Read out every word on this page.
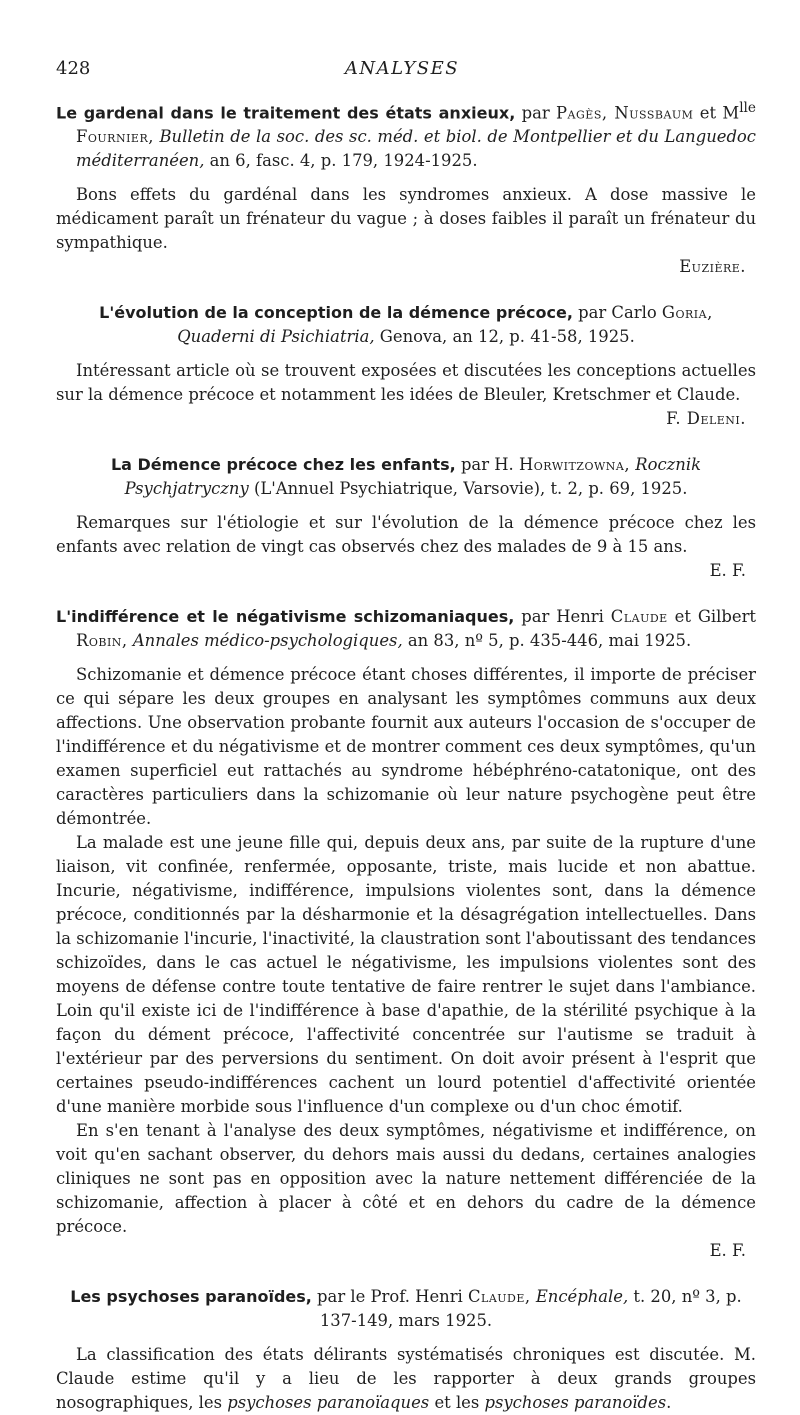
428	ANALYSES

Le gardenal dans le traitement des états anxieux, par Pagès, Nussbaum et $M^{lle}$ Fournier, Bulletin de la soc. des sc. méd. et biol. de Montpellier et du Languedoc méditerranéen, an 6, fasc. 4, p. 179, 1924-1925.

Bons effets du gardénal dans les syndromes anxieux. A dose massive le médicament paraît un frénateur du vague ; à doses faibles il paraît un frénateur du sympathique.

Euzière.

L'évolution de la conception de la démence précoce, par Carlo Goria, Quaderni di Psichiatria, Genova, an 12, p. 41-58, 1925.

Intéressant article où se trouvent exposées et discutées les conceptions actuelles sur la démence précoce et notamment les idées de Bleuler, Kretschmer et Claude.

F. Deleni.

La Démence précoce chez les enfants, par H. Horwitzowna, Rocznik Psychjatryczny (L'Annuel Psychiatrique, Varsovie), t. 2, p. 69, 1925.

Remarques sur l'étiologie et sur l'évolution de la démence précoce chez les enfants avec relation de vingt cas observés chez des malades de 9 à 15 ans.

E. F.

L'indifférence et le négativisme schizomaniaques, par Henri Claude et Gilbert Robin, Annales médico-psychologiques, an 83, nº 5, p. 435-446, mai 1925.

Schizomanie et démence précoce étant choses différentes, il importe de préciser ce qui sépare les deux groupes en analysant les symptômes communs aux deux affections. Une observation probante fournit aux auteurs l'occasion de s'occuper de l'indifférence et du négativisme et de montrer comment ces deux symptômes, qu'un examen superficiel eut rattachés au syndrome hébéphréno-catatonique, ont des caractères particuliers dans la schizomanie où leur nature psychogène peut être démontrée.

La malade est une jeune fille qui, depuis deux ans, par suite de la rupture d'une liaison, vit confinée, renfermée, opposante, triste, mais lucide et non abattue. Incurie, négativisme, indifférence, impulsions violentes sont, dans la démence précoce, conditionnés par la désharmonie et la désagrégation intellectuelles. Dans la schizomanie l'incurie, l'inactivité, la claustration sont l'aboutissant des tendances schizoïdes, dans le cas actuel le négativisme, les impulsions violentes sont des moyens de défense contre toute tentative de faire rentrer le sujet dans l'ambiance. Loin qu'il existe ici de l'indifférence à base d'apathie, de la stérilité psychique à la façon du dément précoce, l'affectivité concentrée sur l'autisme se traduit à l'extérieur par des perversions du sentiment. On doit avoir présent à l'esprit que certaines pseudo-indifférences cachent un lourd potentiel d'affectivité orientée d'une manière morbide sous l'influence d'un complexe ou d'un choc émotif.

En s'en tenant à l'analyse des deux symptômes, négativisme et indifférence, on voit qu'en sachant observer, du dehors mais aussi du dedans, certaines analogies cliniques ne sont pas en opposition avec la nature nettement différenciée de la schizomanie, affection à placer à côté et en dehors du cadre de la démence précoce.

E. F.

Les psychoses paranoïdes, par le Prof. Henri Claude, Encéphale, t. 20, nº 3, p. 137-149, mars 1925.

La classification des états délirants systématisés chroniques est discutée. M. Claude estime qu'il y a lieu de les rapporter à deux grands groupes nosographiques, les psychoses paranoïaques et les psychoses paranoïdes.
